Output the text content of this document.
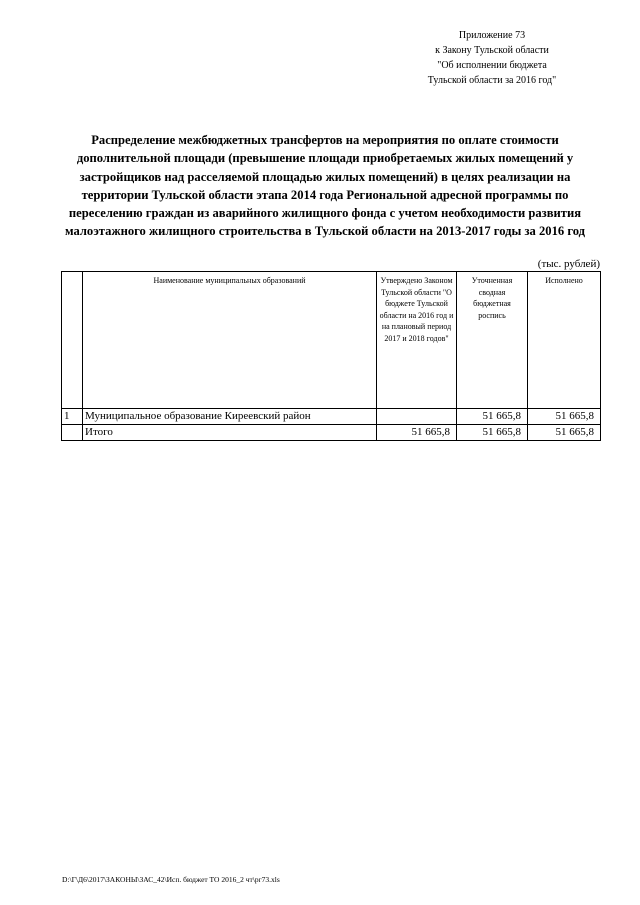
Приложение 73
к Закону Тульской области
"Об исполнении бюджета
Тульской области за 2016 год"
Распределение межбюджетных трансфертов на мероприятия по оплате стоимости дополнительной площади (превышение площади приобретаемых жилых помещений у застройщиков над расселяемой площадью жилых помещений) в целях реализации на территории Тульской области этапа 2014 года Региональной адресной программы по переселению граждан из аварийного жилищного фонда с учетом необходимости развития малоэтажного жилищного строительства в Тульской области на 2013-2017 годы за 2016 год
(тыс. рублей)
	Наименование муниципальных образований	Утверждено Законом Тульской области "О бюджете Тульской области на 2016 год и на плановый период 2017 и 2018 годов"	Уточненная сводная бюджетная роспись	Исполнено
1	Муниципальное образование Киреевский район		51 665,8	51 665,8
	Итого	51 665,8	51 665,8	51 665,8
D:\Г\Д6\2017\ЗАКОНЫ\ЗАС_42\Исп. бюджет ТО 2016_2 чт\рг73.xls
